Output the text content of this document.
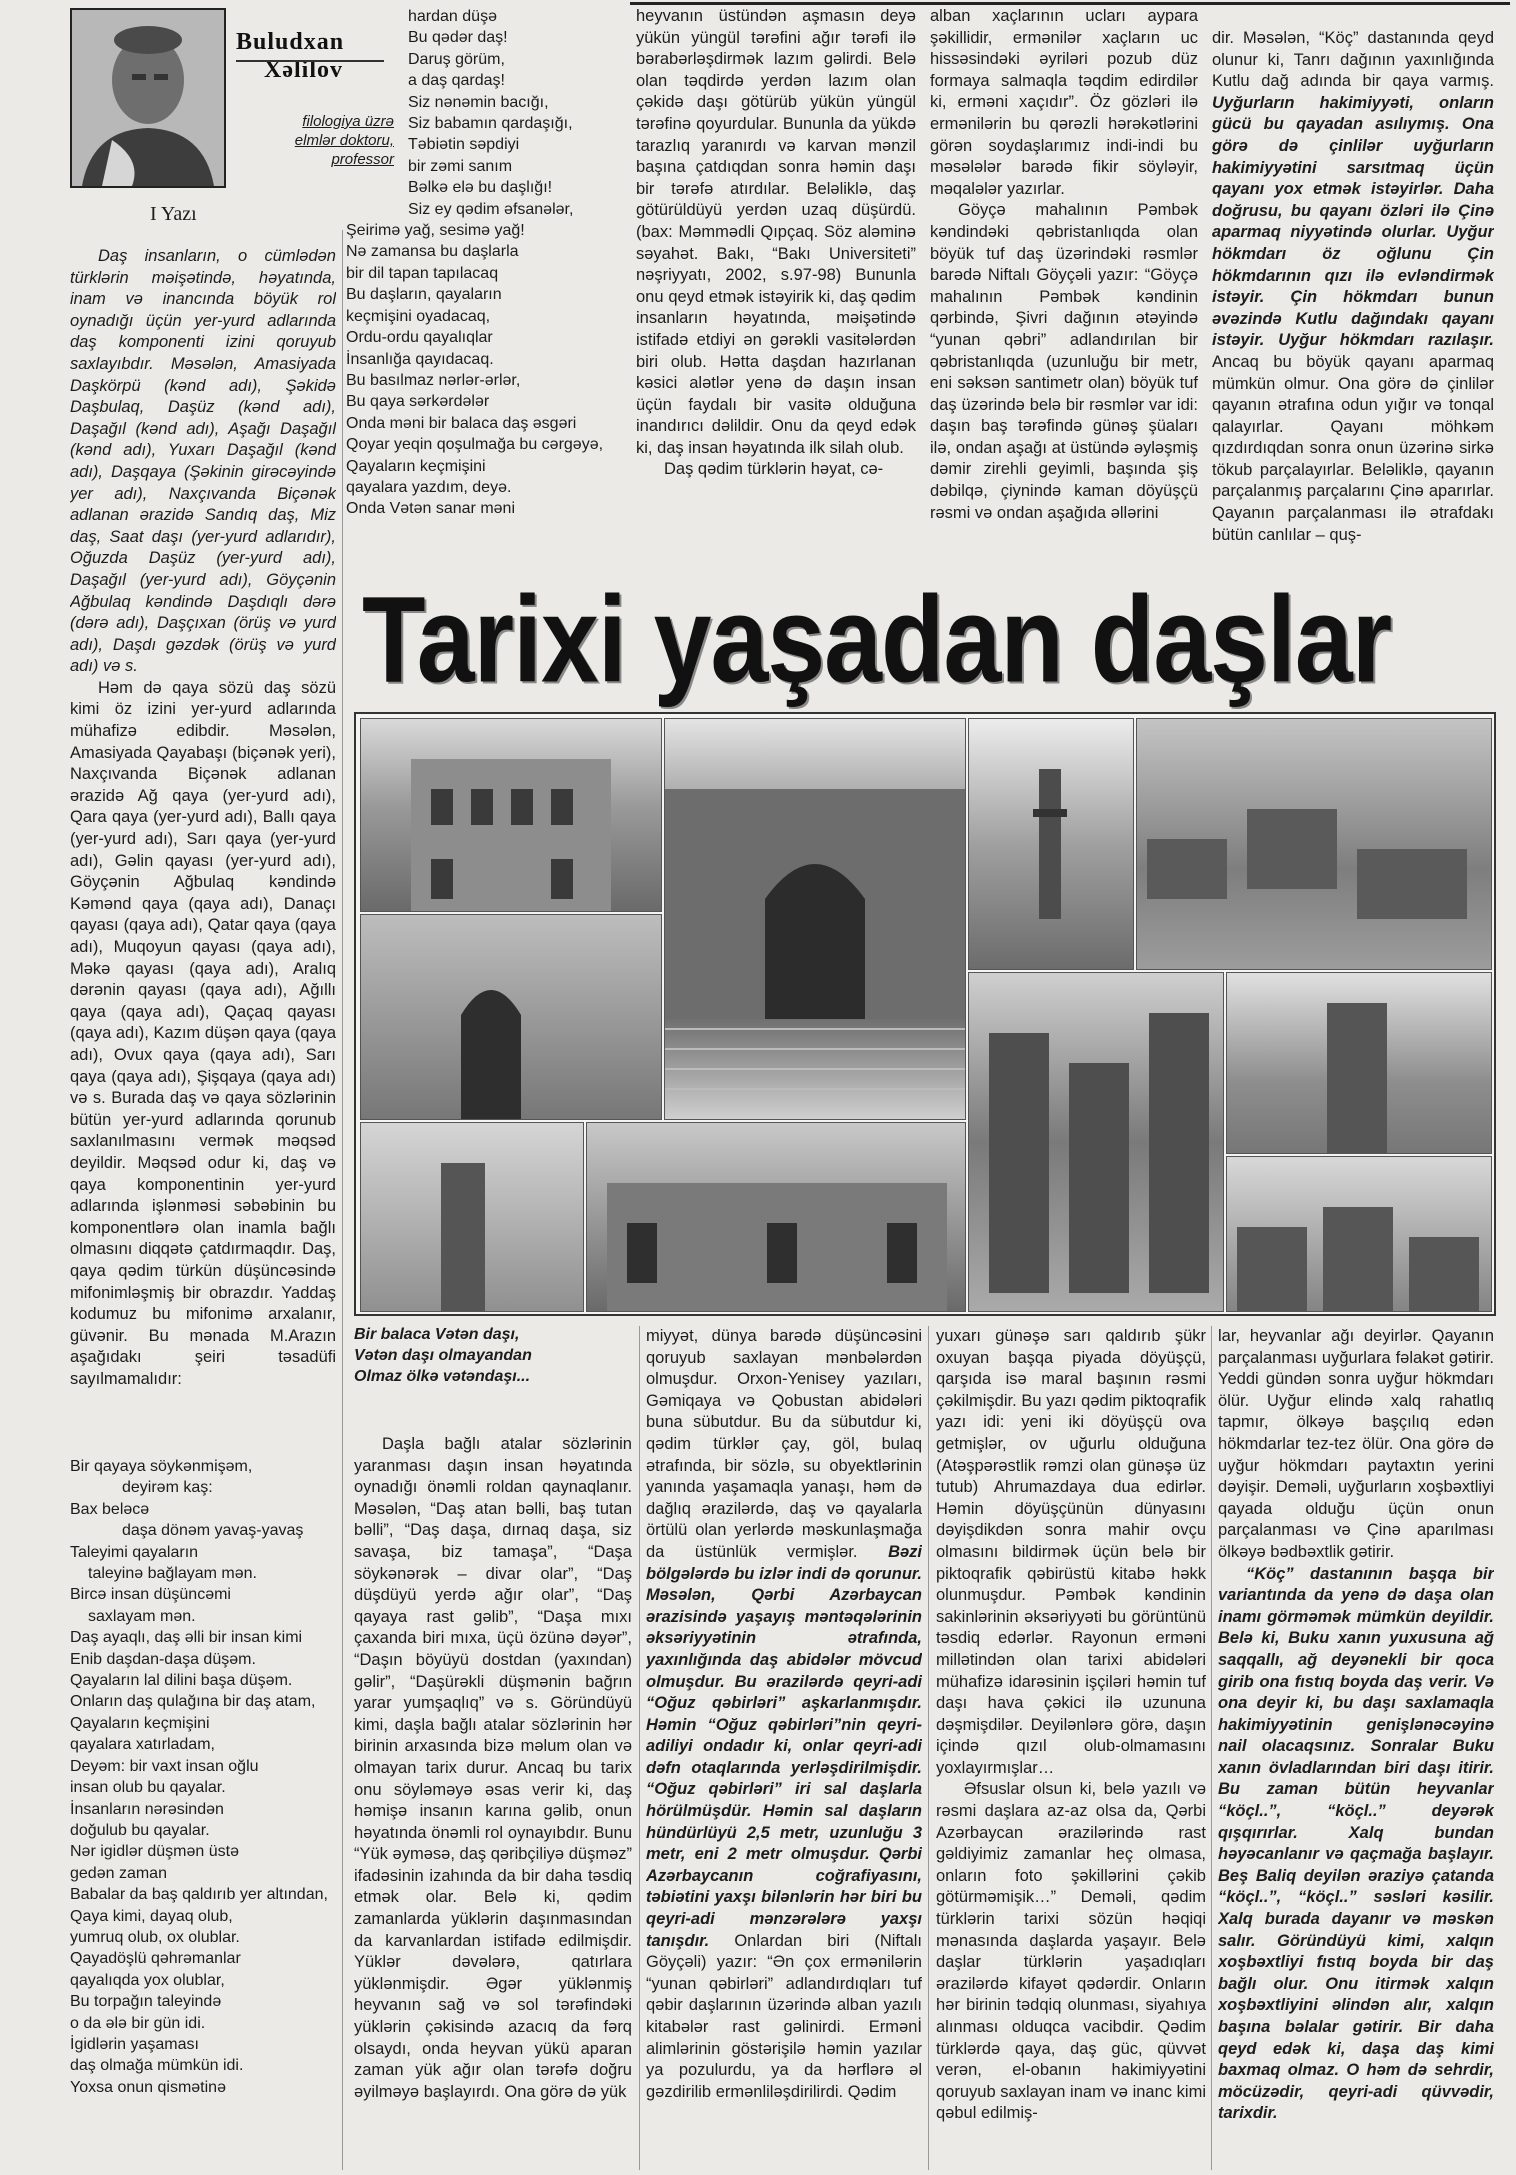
Buludxan
Xəlilov
filologiya üzrə
elmlər doktoru,
professor
I Yazı

Daş insanların, o cümlədən türklərin məişətində, həyatında, inam və inancında böyük rol oynadığı üçün yer-yurd adlarında daş komponenti izini qoruyub saxlayıbdır. Məsələn, Amasiyada Daşkörpü (kənd adı), Şəkidə Daşbulaq, Daşüz (kənd adı), Daşağıl (kənd adı), Aşağı Daşağıl (kənd adı), Yuxarı Daşağıl (kənd adı), Daşqaya (Şəkinin girəcəyində yer adı), Naxçıvanda Biçənək adlanan ərazidə Sandıq daş, Miz daş, Saat daşı (yer-yurd adlarıdır), Oğuzda Daşüz (yer-yurd adı), Daşağıl (yer-yurd adı), Göyçənin Ağbulaq kəndində Daşdıqlı dərə (dərə adı), Daşçıxan (örüş və yurd adı), Daşdı gəzdək (örüş və yurd adı) və s.

Həm də qaya sözü daş sözü kimi öz izini yer-yurd adlarında mühafizə edibdir. Məsələn, Amasiyada Qayabaşı (biçənək yeri), Naxçıvanda Biçənək adlanan ərazidə Ağ qaya (yer-yurd adı), Qara qaya (yer-yurd adı), Ballı qaya (yer-yurd adı), Sarı qaya (yer-yurd adı), Gəlin qayası (yer-yurd adı), Göyçənin Ağbulaq kəndində Kəmənd qaya (qaya adı), Danaçı qayası (qaya adı), Qatar qaya (qaya adı), Muqoyun qayası (qaya adı), Məkə qayası (qaya adı), Aralıq dərənin qayası (qaya adı), Ağıllı qaya (qaya adı), Qaçaq qayası (qaya adı), Kazım düşən qaya (qaya adı), Ovux qaya (qaya adı), Sarı qaya (qaya adı), Şişqaya (qaya adı) və s. Burada daş və qaya sözlərinin bütün yer-yurd adlarında qorunub saxlanılmasını vermək məqsəd deyildir. Məqsəd odur ki, daş və qaya komponentinin yer-yurd adlarında işlənməsi səbəbinin bu komponentlərə olan inamla bağlı olmasını diqqətə çatdırmaqdır. Daş, qaya qədim türkün düşüncəsində mifonimləşmiş bir obrazdır. Yaddaş kodumuz bu mifonimə arxalanır, güvənir. Bu mənada M.Arazın aşağıdakı şeiri təsadüfi sayılmamalıdır:

Bir qayaya söykənmişəm,
deyirəm kaş:
Bax beləcə
daşa dönəm yavaş-yavaş
Taleyimi qayaların
taleyinə bağlayam mən.
Bircə insan düşüncəmi
saxlayam mən.
Daş ayaqlı, daş əlli bir insan kimi
Enib daşdan-daşa düşəm.
Qayaların lal dilini başa düşəm.
Onların daş qulağına bir daş atam,
Qayaların keçmişini
qayalara xatırladam,
Deyəm: bir vaxt insan oğlu
insan olub bu qayalar.
İnsanların nərəsindən
doğulub bu qayalar.
Nər igidlər düşmən üstə
gedən zaman
Babalar da baş qaldırıb yer altından,
Qaya kimi, dayaq olub,
yumruq olub, ox olublar.
Qayadöşlü qəhrəmanlar
qayalıqda yox olublar,
Bu torpağın taleyində
o da ələ bir gün idi.
İgidlərin yaşaması
daş olmağa mümkün idi.
Yoxsa onun qismətinə
hardan düşə
Bu qədər daş!
Daruş görüm,
a daş qardaş!
Siz nənəmin bacığı,
Siz babamın qardaşığı,
Təbiətin səpdiyi
bir zəmi sanım
Bəlkə elə bu daşlığı!
Siz ey qədim əfsanələr,
Şeirimə yağ, sesimə yağ!
Nə zamansa bu daşlarla
bir dil tapan tapılacaq
Bu daşların, qayaların
keçmişini oyadacaq,
Ordu-ordu qayalıqlar
İnsanlığa qayıdacaq.
Bu basılmaz nərlər-ərlər,
Bu qaya sərkərdələr
Onda məni bir balaca daş əsgəri
Qoyar yeqin qoşulmağa bu cərgəyə,
Qayaların keçmişini
qayalara yazdım, deyə.
Onda Vətən sanar məni

heyvanın üstündən aşmasın deyə yükün yüngül tərəfini ağır tərəfi ilə bərabərləşdirmək lazım gəlirdi. Belə olan təqdirdə yerdən lazım olan çəkidə daşı götürüb yükün yüngül tərəfinə qoyurdular. Bununla da yükdə tarazlıq yaranırdı və karvan mənzil başına çatdıqdan sonra həmin daşı bir tərəfə atırdılar. Beləliklə, daş götürüldüyü yerdən uzaq düşürdü. (bax: Məmmədli Qıpçaq. Söz aləminə səyahət. Bakı, “Bakı Universiteti” nəşriyyatı, 2002, s.97-98) Bununla onu qeyd etmək istəyirik ki, daş qədim insanların həyatında, məişətində istifadə etdiyi ən gərəkli vasitələrdən biri olub. Hətta daşdan hazırlanan kəsici alətlər yenə də daşın insan üçün faydalı bir vasitə olduğuna inandırıcı dəlildir. Onu da qeyd edək ki, daş insan həyatında ilk silah olub.

Daş qədim türklərin həyat, cə-

alban xaçlarının ucları aypara şəkillidir, ermənilər xaçların uc hissəsindəki əyriləri pozub düz formaya salmaqla təqdim edirdilər ki, erməni xaçıdır”. Öz gözləri ilə ermənilərin bu qərəzli hərəkətlərini görən soydaşlarımız indi-indi bu məsələlər barədə fikir söyləyir, məqalələr yazırlar.

Göyçə mahalının Pəmbək kəndindəki qəbristanlıqda olan böyük tuf daş üzərindəki rəsmlər barədə Niftalı Göyçəli yazır: “Göyçə mahalının Pəmbək kəndinin qərbində, Şivri dağının ətəyində “yunan qəbri” adlandırılan bir qəbristanlıqda (uzunluğu bir metr, eni səksən santimetr olan) böyük tuf daş üzərində belə bir rəsmlər var idi: daşın baş tərəfində günəş şüaları ilə, ondan aşağı at üstündə əyləşmiş dəmir zirehli geyimli, başında şiş dəbilqə, çiynində kaman döyüşçü rəsmi və ondan aşağıda əllərini

dir. Məsələn, “Köç” dastanında qeyd olunur ki, Tanrı dağının yaxınlığında Kutlu dağ adında bir qaya varmış. Uyğurların hakimiyyəti, onların gücü bu qayadan asılıymış. Ona görə də çinlilər uyğurların hakimiyyətini sarsıtmaq üçün qayanı yox etmək istəyirlər. Daha doğrusu, bu qayanı özləri ilə Çinə aparmaq niyyətində olurlar. Uyğur hökmdarı öz oğlunu Çin hökmdarının qızı ilə evləndirmək istəyir. Çin hökmdarı bunun əvəzində Kutlu dağındakı qayanı istəyir. Uyğur hökmdarı razılaşır. Ancaq bu böyük qayanı aparmaq mümkün olmur. Ona görə də çinlilər qayanın ətrafına odun yığır və tonqal qalayırlar. Qayanı möhkəm qızdırdıqdan sonra onun üzərinə sirkə tökub parçalayırlar. Beləliklə, qayanın parçalanmış parçalarını Çinə aparırlar. Qayanın parçalanması ilə ətrafdakı bütün canlılar – quş-

Tarixi yaşadan daşlar
Bir balaca Vətən daşı,
Vətən daşı olmayandan
Olmaz ölkə vətəndaşı...

Daşla bağlı atalar sözlərinin yaranması daşın insan həyatında oynadığı önəmli roldan qaynaqlanır. Məsələn, “Daş atan bəlli, baş tutan bəlli”, “Daş daşa, dırnaq daşa, siz savaşa, biz tamaşa”, “Daşa söykənərək – divar olar”, “Daş düşdüyü yerdə ağır olar”, “Daş qayaya rast gəlib”, “Daşa mıxı çaxanda biri mıxa, üçü özünə dəyər”, “Daşın böyüyü dostdan (yaxından) gəlir”, “Daşürəkli düşmənin bağrın yarar yumşaqlıq” və s. Göründüyü kimi, daşla bağlı atalar sözlərinin hər birinin arxasında bizə məlum olan və olmayan tarix durur. Ancaq bu tarix onu söyləməyə əsas verir ki, daş həmişə insanın karına gəlib, onun həyatında önəmli rol oynayıbdır. Bunu “Yük əyməsə, daş qəribçiliyə düşməz” ifadəsinin izahında da bir daha təsdiq etmək olar. Belə ki, qədim zamanlarda yüklərin daşınmasından da karvanlardan istifadə edilmişdir. Yüklər dəvələrə, qatırlara yüklənmişdir. Əgər yüklənmiş heyvanın sağ və sol tərəfindəki yüklərin çəkisində azacıq da fərq olsaydı, onda heyvan yükü aparan zaman yük ağır olan tərəfə doğru əyilməyə başlayırdı. Ona görə də yük

miyyət, dünya barədə düşüncəsini qoruyub saxlayan mənbələrdən olmuşdur. Orxon-Yenisey yazıları, Gəmiqaya və Qobustan abidələri buna sübutdur. Bu da sübutdur ki, qədim türklər çay, göl, bulaq ətrafında, bir sözlə, su obyektlərinin yanında yaşamaqla yanaşı, həm də dağlıq ərazilərdə, daş və qayalarla örtülü olan yerlərdə məskunlaşmağa da üstünlük vermişlər. Bəzi bölgələrdə bu izlər indi də qorunur. Məsələn, Qərbi Azərbaycan ərazisində yaşayış məntəqələrinin əksəriyyətinin ətrafında, yaxınlığında daş abidələr mövcud olmuşdur. Bu ərazilərdə qeyri-adi “Oğuz qəbirləri” aşkarlanmışdır. Həmin “Oğuz qəbirləri”nin qeyri-adiliyi ondadır ki, onlar qeyri-adi dəfn otaqlarında yerləşdirilmişdir. “Oğuz qəbirləri” iri sal daşlarla hörülmüşdür. Həmin sal daşların hündürlüyü 2,5 metr, uzunluğu 3 metr, eni 2 metr olmuşdur. Qərbi Azərbaycanın coğrafiyasını, təbiətini yaxşı bilənlərin hər biri bu qeyri-adi mənzərələrə yaxşı tanışdır. Onlardan biri (Niftalı Göyçəli) yazır: “Ən çox ermənilərin “yunan qəbirləri” adlandırdıqları tuf qəbir daşlarının üzərində alban yazılı kitabələr rast gəlinirdi. Ermənİ alimlərinin göstərişilə həmin yazılar ya pozulurdu, ya da hərflərə əl gəzdirilib ermənliləşdirilirdi. Qədim

yuxarı günəşə sarı qaldırıb şükr oxuyan başqa piyada döyüşçü, qarşıda isə maral başının rəsmi çəkilmişdir. Bu yazı qədim piktoqrafik yazı idi: yeni iki döyüşçü ova getmişlər, ov uğurlu olduğuna (Atəşpərəstlik rəmzi olan günəşə üz tutub) Ahrumazdaya dua edirlər. Həmin döyüşçünün dünyasını dəyişdikdən sonra mahir ovçu olmasını bildirmək üçün belə bir piktoqrafik qəbirüstü kitabə həkk olunmuşdur. Pəmbək kəndinin sakinlərinin əksəriyyəti bu görüntünü təsdiq edərlər. Rayonun erməni millətindən olan tarixi abidələri mühafizə idarəsinin işçiləri həmin tuf daşı hava çəkici ilə uzununa dəşmişdilər. Deyilənlərə görə, daşın içində qızıl olub-olmamasını yoxlayırmışlar…

Əfsuslar olsun ki, belə yazılı və rəsmi daşlara az-az olsa da, Qərbi Azərbaycan ərazilərində rast gəldiyimiz zamanlar heç olmasa, onların foto şəkillərini çəkib götürməmişik…” Deməli, qədim türklərin tarixi sözün həqiqi mənasında daşlarda yaşayır. Belə daşlar türklərin yaşadıqları ərazilərdə kifayət qədərdir. Onların hər birinin tədqiq olunması, siyahıya alınması olduqca vacibdir. Qədim türklərdə qaya, daş güc, qüvvət verən, el-obanın hakimiyyətini qoruyub saxlayan inam və inanc kimi qəbul edilmiş-

lar, heyvanlar ağı deyirlər. Qayanın parçalanması uyğurlara fəlakət gətirir. Yeddi gündən sonra uyğur hökmdarı ölür. Uyğur elində xalq rahatlıq tapmır, ölkəyə başçılıq edən hökmdarlar tez-tez ölür. Ona görə də uyğur hökmdarı paytaxtın yerini dəyişir. Deməli, uyğurların xoşbəxtliyi qayada olduğu üçün onun parçalanması və Çinə aparılması ölkəyə bədbəxtlik gətirir.

“Köç” dastanının başqa bir variantında da yenə də daşa olan inamı görməmək mümkün deyildir. Belə ki, Buku xanın yuxusuna ağ saqqallı, ağ deyənekli bir qoca girib ona fıstıq boyda daş verir. Və ona deyir ki, bu daşı saxlamaqla hakimiyyətinin genişlənəcəyinə nail olacaqsınız. Sonralar Buku xanın övladlarından biri daşı itirir. Bu zaman bütün heyvanlar “köçl..”, “köçl..” deyərək qışqırırlar. Xalq bundan həyəcanlanır və qaçmağa başlayır. Beş Baliq deyilən əraziyə çatanda “köçl..”, “köçl..” səsləri kəsilir. Xalq burada dayanır və məskən salır. Göründüyü kimi, xalqın xoşbəxtliyi fıstıq boyda bir daş bağlı olur. Onu itirmək xalqın xoşbəxtliyini əlindən alır, xalqın başına bəlalar gətirir. Bir daha qeyd edək ki, daşa daş kimi baxmaq olmaz. O həm də sehrdir, möcüzədir, qeyri-adi qüvvədir, tarixdir.
